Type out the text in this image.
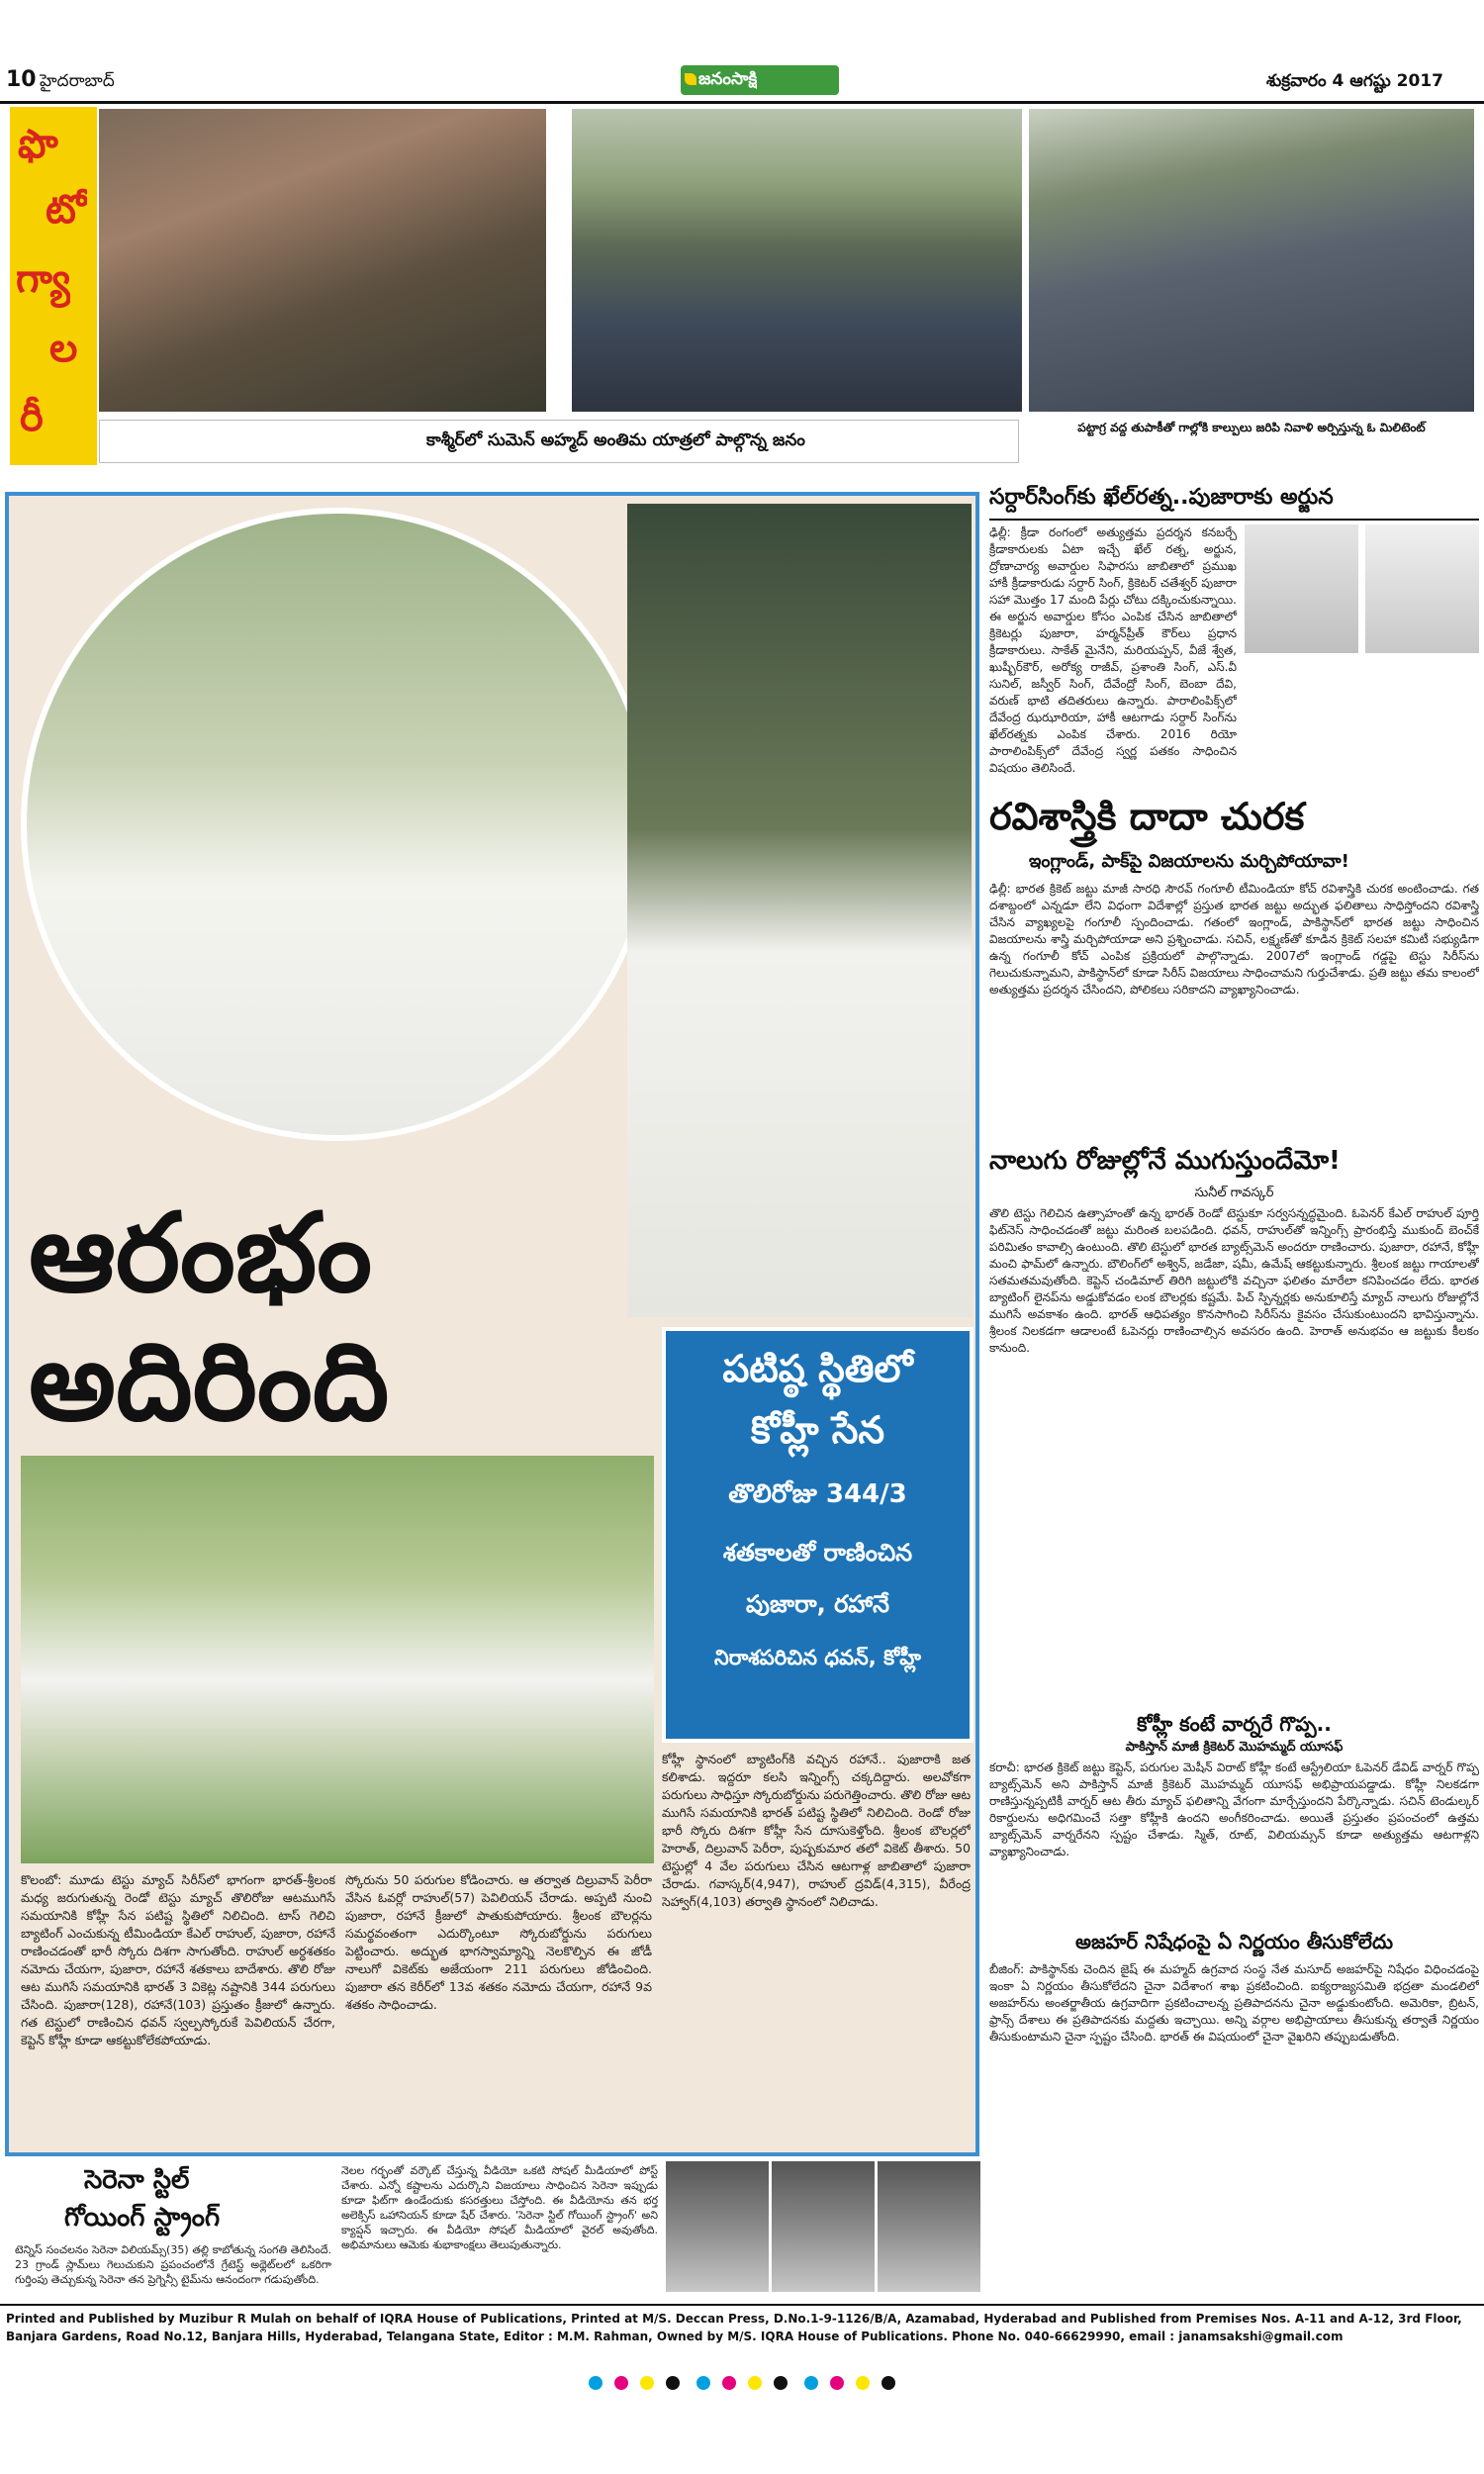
10 హైదరాబాద్	జనంసాక్షి	శుక్రవారం 4 ఆగష్టు 2017
ఫొ
టో
గ్యా
ల
రీ	కాశ్మీర్‌లో సుమెన్ అహ్మద్ అంతిమ యాత్రలో పాల్గొన్న జనం
పట్టాగ్ర వద్ద తుపాకీతో గాల్లోకి కాల్పులు జరిపి నివాళి అర్పిస్తున్న ఓ మిలిటెంట్
ఆరంభం
అదిరింది	పటిష్ఠ స్థితిలో
కోహ్లీ సేన
తొలిరోజు 344/3
శతకాలతో రాణించిన
పుజారా, రహానే
నిరాశపరిచిన ధవన్, కోహ్లీ
కోహ్లీ స్థానంలో బ్యాటింగ్‌కి వచ్చిన రహానే.. పుజారాకి జత కలిశాడు. ఇద్దరూ కలసి ఇన్నింగ్స్ చక్కదిద్దారు. అలవోకగా పరుగులు సాధిస్తూ స్కోరుబోర్డును పరుగెత్తించారు. తొలి రోజు ఆట ముగిసే సమయానికి భారత్ పటిష్ట స్థితిలో నిలిచింది. రెండో రోజు భారీ స్కోరు దిశగా కోహ్లీ సేన దూసుకెళ్తోంది. శ్రీలంక బౌలర్లలో హెరాత్, దిల్రువాన్ పెరీరా, పుష్పకుమార తలో వికెట్ తీశారు. 50 టెస్టుల్లో 4 వేల పరుగులు చేసిన ఆటగాళ్ల జాబితాలో పుజారా చేరాడు. గవాస్కర్(4,947), రాహుల్ ద్రవిడ్(4,315), వీరేంద్ర సెహ్వాగ్(4,103) తర్వాతి స్థానంలో నిలిచాడు.
కొలంబో: మూడు టెస్టు మ్యాచ్ సిరీస్‌లో భాగంగా భారత్-శ్రీలంక మధ్య జరుగుతున్న రెండో టెస్టు మ్యాచ్ తొలిరోజు ఆటముగిసే సమయానికి కోహ్లీ సేన పటిష్ట స్థితిలో నిలిచింది. టాస్ గెలిచి బ్యాటింగ్ ఎంచుకున్న టీమిండియా కేఎల్ రాహుల్, పుజారా, రహానే రాణించడంతో భారీ స్కోరు దిశగా సాగుతోంది. రాహుల్ అర్ధశతకం నమోదు చేయగా, పుజారా, రహానే శతకాలు బాదేశారు. తొలి రోజు ఆట ముగిసే సమయానికి భారత్ 3 వికెట్ల నష్టానికి 344 పరుగులు చేసింది. పుజారా(128), రహానే(103) ప్రస్తుతం క్రీజులో ఉన్నారు. గత టెస్టులో రాణించిన ధవన్ స్వల్పస్కోరుకే పెవిలియన్ చేరగా, కెప్టెన్ కోహ్లీ కూడా ఆకట్టుకోలేకపోయాడు.
స్కోరును 50 పరుగుల కోడించారు. ఆ తర్వాత దిల్రువాన్ పెరీరా వేసిన ఓవర్లో రాహుల్(57) పెవిలియన్ చేరాడు. అప్పటి నుంచి పుజారా, రహానే క్రీజులో పాతుకుపోయారు. శ్రీలంక బౌలర్లను సమర్థవంతంగా ఎదుర్కొంటూ స్కోరుబోర్డును పరుగులు పెట్టించారు. అద్భుత భాగస్వామ్యాన్ని నెలకొల్పిన ఈ జోడీ నాలుగో వికెట్‌కు అజేయంగా 211 పరుగులు జోడించింది. పుజారా తన కెరీర్‌లో 13వ శతకం నమోదు చేయగా, రహానే 9వ శతకం సాధించాడు.
సర్దార్‌సింగ్‌కు ఖేల్‌రత్న..పుజారాకు అర్జున
ఢిల్లీ: క్రీడా రంగంలో అత్యుత్తమ ప్రదర్శన కనబర్చే క్రీడాకారులకు ఏటా ఇచ్చే ఖేల్ రత్న, అర్జున, ద్రోణాచార్య అవార్డుల సిఫారసు జాబితాలో ప్రముఖ హాకీ క్రీడాకారుడు సర్దార్ సింగ్, క్రికెటర్ చతేశ్వర్ పుజారా సహా మొత్తం 17 మంది పేర్లు చోటు దక్కించుకున్నాయి. ఈ అర్జున అవార్డుల కోసం ఎంపిక చేసిన జాబితాలో క్రికెటర్లు పుజారా, హర్మన్‌ప్రీత్ కౌర్‌లు ప్రధాన క్రీడాకారులు. సాకేత్ మైనేని, మరియప్పన్, వీజే శ్వేత, ఖుష్బీర్‌కౌర్, అరోక్య రాజీవ్, ప్రశాంతి సింగ్, ఎస్.వీ సునిల్, జస్వీర్ సింగ్, దేవేంద్రో సింగ్, బెంబా దేవి, వరుణ్ భాటి తదితరులు ఉన్నారు. పారాలింపిక్స్‌లో దేవేంద్ర ఝఝారియా, హాకీ ఆటగాడు సర్దార్ సింగ్‌ను ఖేల్‌రత్నకు ఎంపిక చేశారు. 2016 రియో పారాలింపిక్స్‌లో దేవేంద్ర స్వర్ణ పతకం సాధించిన విషయం తెలిసిందే.
రవిశాస్త్రికి దాదా చురక
ఇంగ్లాండ్, పాక్‌పై విజయాలను మర్చిపోయావా!
ఢిల్లీ: భారత క్రికెట్ జట్టు మాజీ సారధి సౌరవ్ గంగూలీ టీమిండియా కోచ్ రవిశాస్త్రికి చురక అంటించాడు. గత దశాబ్దంలో ఎన్నడూ లేని విధంగా విదేశాల్లో ప్రస్తుత భారత జట్టు అద్భుత ఫలితాలు సాధిస్తోందని రవిశాస్త్రి చేసిన వ్యాఖ్యలపై గంగూలీ స్పందించాడు. గతంలో ఇంగ్లాండ్, పాకిస్థాన్‌లో భారత జట్టు సాధించిన విజయాలను శాస్త్రి మర్చిపోయాడా అని ప్రశ్నించాడు. సచిన్, లక్ష్మణ్‌తో కూడిన క్రికెట్ సలహా కమిటీ సభ్యుడిగా ఉన్న గంగూలీ కోచ్ ఎంపిక ప్రక్రియలో పాల్గొన్నాడు. 2007లో ఇంగ్లాండ్ గడ్డపై టెస్టు సిరీస్‌ను గెలుచుకున్నామని, పాకిస్థాన్‌లో కూడా సిరీస్ విజయాలు సాధించామని గుర్తుచేశాడు. ప్రతి జట్టు తమ కాలంలో అత్యుత్తమ ప్రదర్శన చేసిందని, పోలికలు సరికాదని వ్యాఖ్యానించాడు.
నాలుగు రోజుల్లోనే ముగుస్తుందేమో!
సునీల్ గావస్కర్
తొలి టెస్టు గెలిచిన ఉత్సాహంతో ఉన్న భారత్ రెండో టెస్టుకూ సర్వసన్నద్ధమైంది. ఓపెనర్ కేఎల్ రాహుల్ పూర్తి ఫిట్‌నెస్ సాధించడంతో జట్టు మరింత బలపడింది. ధవన్, రాహుల్‌తో ఇన్నింగ్స్ ప్రారంభిస్తే ముకుంద్ బెంచ్‌కే పరిమితం కావాల్సి ఉంటుంది. తొలి టెస్టులో భారత బ్యాట్స్‌మెన్ అందరూ రాణించారు. పుజారా, రహానే, కోహ్లీ మంచి ఫామ్‌లో ఉన్నారు. బౌలింగ్‌లో అశ్విన్, జడేజా, షమీ, ఉమేష్ ఆకట్టుకున్నారు. శ్రీలంక జట్టు గాయాలతో సతమతమవుతోంది. కెప్టెన్ చండిమాల్ తిరిగి జట్టులోకి వచ్చినా ఫలితం మారేలా కనిపించడం లేదు. భారత బ్యాటింగ్ లైనప్‌ను అడ్డుకోవడం లంక బౌలర్లకు కష్టమే. పిచ్ స్పిన్నర్లకు అనుకూలిస్తే మ్యాచ్ నాలుగు రోజుల్లోనే ముగిసే అవకాశం ఉంది. భారత్ ఆధిపత్యం కొనసాగించి సిరీస్‌ను కైవసం చేసుకుంటుందని భావిస్తున్నాను. శ్రీలంక నిలకడగా ఆడాలంటే ఓపెనర్లు రాణించాల్సిన అవసరం ఉంది. హెరాత్ అనుభవం ఆ జట్టుకు కీలకం కానుంది.
కోహ్లీ కంటే వార్నరే గొప్ప..
పాకిస్తాన్ మాజీ క్రికెటర్ మొహమ్మద్ యూసఫ్
కరాచీ: భారత క్రికెట్ జట్టు కెప్టెన్, పరుగుల మెషీన్ విరాట్ కోహ్లీ కంటే ఆస్ట్రేలియా ఓపెనర్ డేవిడ్ వార్నర్ గొప్ప బ్యాట్స్‌మెన్ అని పాకిస్తాన్ మాజీ క్రికెటర్ మొహమ్మద్ యూసఫ్ అభిప్రాయపడ్డాడు. కోహ్లీ నిలకడగా రాణిస్తున్నప్పటికీ వార్నర్ ఆట తీరు మ్యాచ్ ఫలితాన్ని వేగంగా మార్చేస్తుందని పేర్కొన్నాడు. సచిన్ టెండుల్కర్ రికార్డులను అధిగమించే సత్తా కోహ్లీకి ఉందని అంగీకరించాడు. అయితే ప్రస్తుతం ప్రపంచంలో ఉత్తమ బ్యాట్స్‌మెన్ వార్నరేనని స్పష్టం చేశాడు. స్మిత్, రూట్, విలియమ్సన్ కూడా అత్యుత్తమ ఆటగాళ్లని వ్యాఖ్యానించాడు.
అజహర్ నిషేధంపై ఏ నిర్ణయం తీసుకోలేదు
బీజింగ్: పాకిస్థాన్‌కు చెందిన జైష్ ఈ మహ్మద్ ఉగ్రవాద సంస్థ నేత మసూద్ అజహర్‌పై నిషేధం విధించడంపై ఇంకా ఏ నిర్ణయం తీసుకోలేదని చైనా విదేశాంగ శాఖ ప్రకటించింది. ఐక్యరాజ్యసమితి భద్రతా మండలిలో అజహర్‌ను అంతర్జాతీయ ఉగ్రవాదిగా ప్రకటించాలన్న ప్రతిపాదనను చైనా అడ్డుకుంటోంది. అమెరికా, బ్రిటన్, ఫ్రాన్స్ దేశాలు ఈ ప్రతిపాదనకు మద్దతు ఇచ్చాయి. అన్ని వర్గాల అభిప్రాయాలు తీసుకున్న తర్వాతే నిర్ణయం తీసుకుంటామని చైనా స్పష్టం చేసింది. భారత్ ఈ విషయంలో చైనా వైఖరిని తప్పుబడుతోంది.
సెరెనా స్టిల్
గోయింగ్ స్ట్రాంగ్
టెన్నిస్ సంచలనం సెరెనా విలియమ్స్(35) తల్లి కాబోతున్న సంగతి తెలిసిందే. 23 గ్రాండ్ స్లామ్‌లు గెలుచుకుని ప్రపంచంలోనే గ్రేటెస్ట్ అథ్లెట్‌లలో ఒకరిగా గుర్తింపు తెచ్చుకున్న సెరెనా తన ప్రెగ్నెన్సీ టైమ్‌ను ఆనందంగా గడుపుతోంది.
నెలల గర్భంతో వర్కౌట్ చేస్తున్న వీడియో ఒకటి సోషల్ మీడియాలో పోస్ట్ చేశారు. ఎన్నో కష్టాలను ఎదుర్కొని విజయాలు సాధించిన సెరెనా ఇప్పుడు కూడా ఫిట్‌గా ఉండేందుకు కసరత్తులు చేస్తోంది. ఈ వీడియోను తన భర్త అలెక్సిస్ ఒహానియన్ కూడా షేర్ చేశారు. 'సెరెనా స్టిల్ గోయింగ్ స్ట్రాంగ్' అని క్యాప్షన్ ఇచ్చారు. ఈ వీడియో సోషల్ మీడియాలో వైరల్ అవుతోంది. అభిమానులు ఆమెకు శుభాకాంక్షలు తెలుపుతున్నారు.
Printed and Published by Muzibur R Mulah on behalf of IQRA House of Publications, Printed at M/S. Deccan Press, D.No.1-9-1126/B/A, Azamabad, Hyderabad and Published from Premises Nos. A-11 and A-12, 3rd Floor, Banjara Gardens, Road No.12, Banjara Hills, Hyderabad, Telangana State, Editor : M.M. Rahman, Owned by M/S. IQRA House of Publications. Phone No. 040-66629990, email : janamsakshi@gmail.com
